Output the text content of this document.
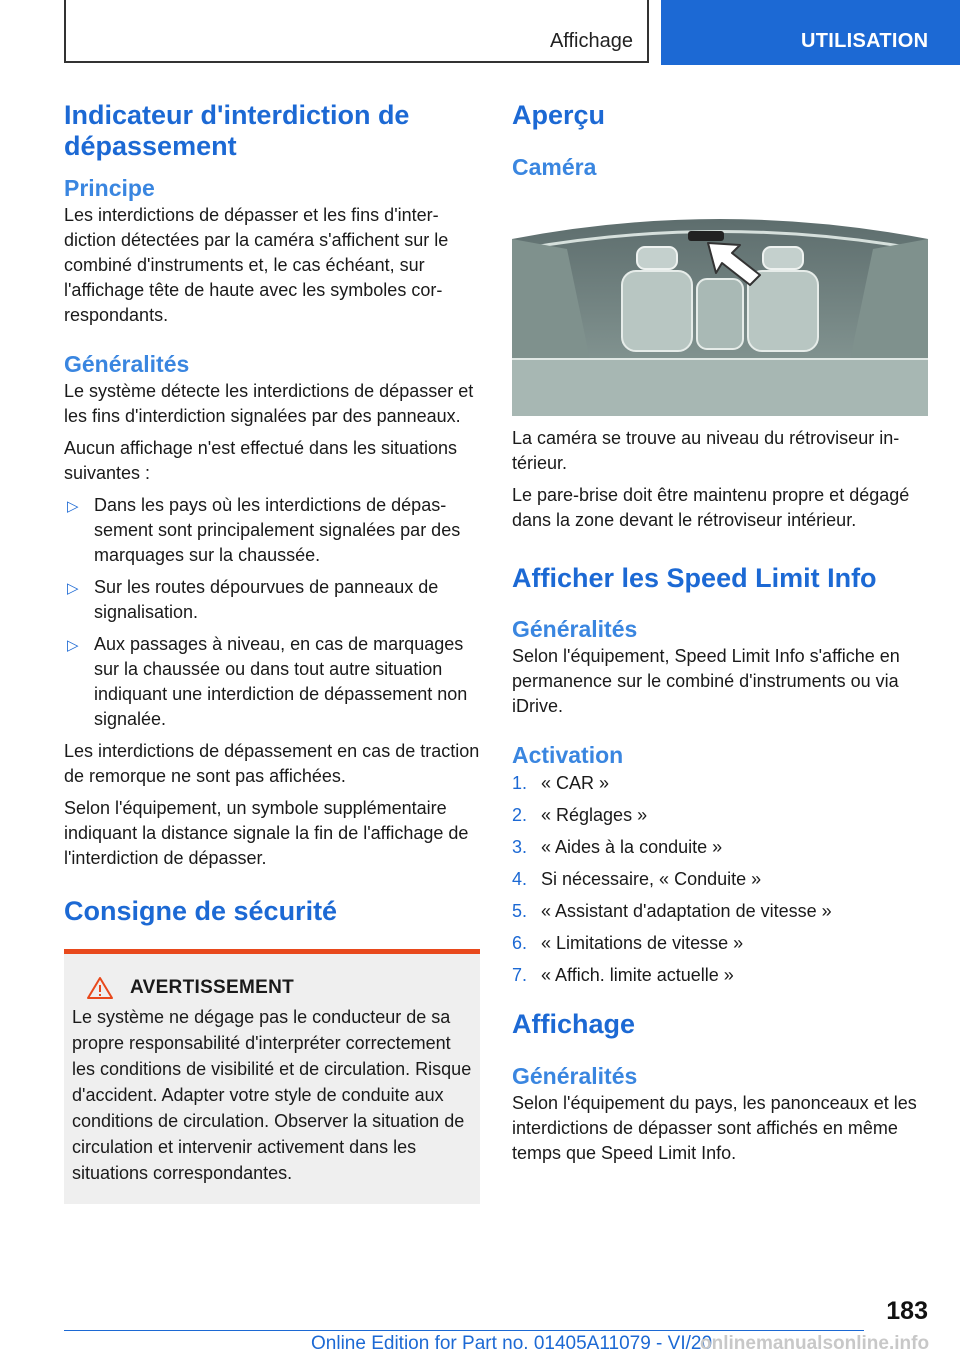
Affichage	UTILISATION
Indicateur d'interdiction de dépassement
Principe

Les interdictions de dépasser et les fins d'interdiction détectées par la caméra s'affichent sur le combiné d'instruments et, le cas échéant, sur l'affichage tête de haute avec les symboles correspondants.

Généralités

Le système détecte les interdictions de dépasser et les fins d'interdiction signalées par des panneaux.

Aucun affichage n'est effectué dans les situations suivantes :

▷ Dans les pays où les interdictions de dépassement sont principalement signalées par des marquages sur la chaussée.
▷ Sur les routes dépourvues de panneaux de signalisation.
▷ Aux passages à niveau, en cas de marquages sur la chaussée ou dans tout autre situation indiquant une interdiction de dépassement non signalée.

Les interdictions de dépassement en cas de traction de remorque ne sont pas affichées.

Selon l'équipement, un symbole supplémentaire indiquant la distance signale la fin de l'affichage de l'interdiction de dépasser.

Consigne de sécurité
AVERTISSEMENT

Le système ne dégage pas le conducteur de sa propre responsabilité d'interpréter correctement les conditions de visibilité et de circulation. Risque d'accident. Adapter votre style de conduite aux conditions de circulation. Observer la situation de circulation et intervenir activement dans les situations correspondantes.

Aperçu
Caméra

La caméra se trouve au niveau du rétroviseur intérieur.

Le pare-brise doit être maintenu propre et dégagé dans la zone devant le rétroviseur intérieur.

Afficher les Speed Limit Info
Généralités

Selon l'équipement, Speed Limit Info s'affiche en permanence sur le combiné d'instruments ou via iDrive.

Activation
1. « CAR »
2. « Réglages »
3. « Aides à la conduite »
4. Si nécessaire, « Conduite »
5. « Assistant d'adaptation de vitesse »
6. « Limitations de vitesse »
7. « Affich. limite actuelle »
Affichage
Généralités

Selon l'équipement du pays, les panonceaux et les interdictions de dépasser sont affichés en même temps que Speed Limit Info.

183
Online Edition for Part no. 01405A11079 - VI/20
onlinemanualsonline.info
